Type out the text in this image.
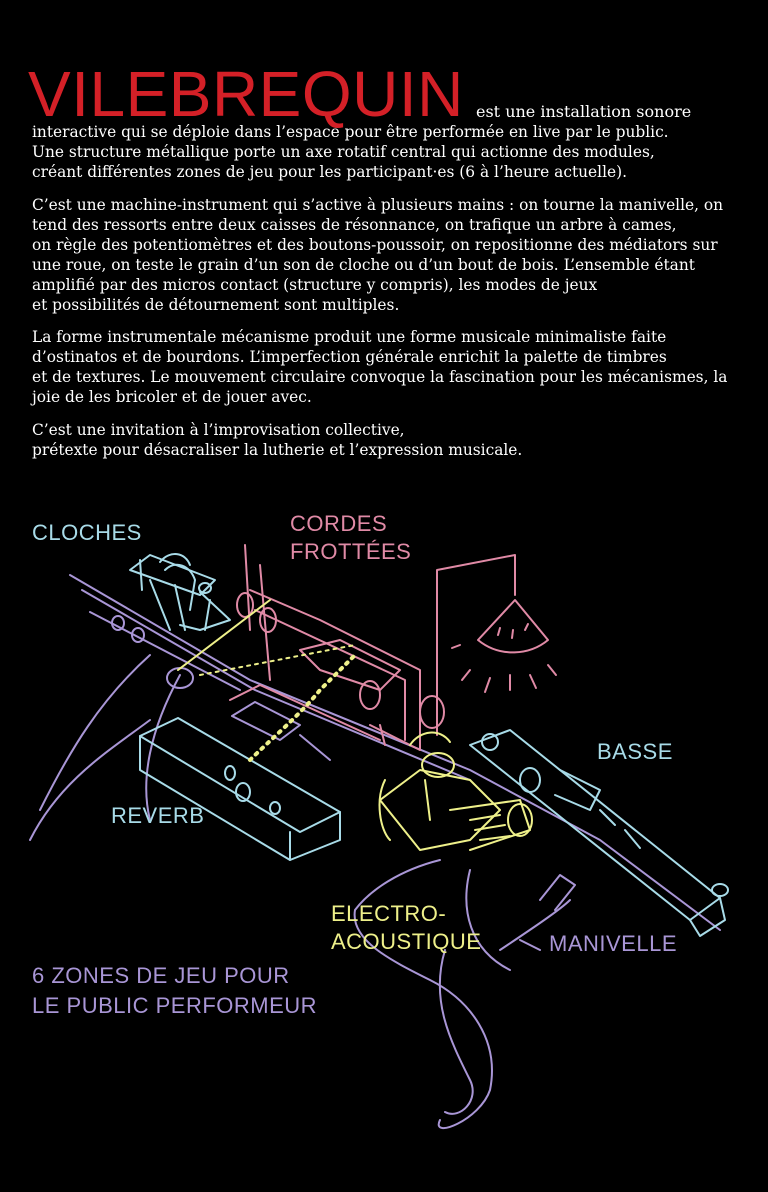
VILEBREQUIN est une installation sonore
interactive qui se déploie dans l’espace pour être performée en live par le public.
Une structure métallique porte un axe rotatif central qui actionne des modules,
créant différentes zones de jeu pour les participant·es (6 à l’heure actuelle).
C’est une machine-instrument qui s’active à plusieurs mains : on tourne la manivelle, on
tend des ressorts entre deux caisses de résonnance, on trafique un arbre à cames,
on règle des potentiomètres et des boutons-poussoir, on repositionne des médiators sur
une roue, on teste le grain d’un son de cloche ou d’un bout de bois. L’ensemble étant
amplifié par des micros contact (structure y compris), les modes de jeux
et possibilités de détournement sont multiples.
La forme instrumentale mécanisme produit une forme musicale minimaliste faite
d’ostinatos et de bourdons. L’imperfection générale enrichit la palette de timbres
et de textures. Le mouvement circulaire convoque la fascination pour les mécanismes, la
joie de les bricoler et de jouer avec.
C’est une invitation à l’improvisation collective,
prétexte pour désacraliser la lutherie et l’expression musicale.
CLOCHES	CORDES
FROTTÉES
BASSE
REVERB
ELECTRO-
ACOUSTIQUE	MANIVELLE
6 ZONES DE JEU POUR
LE PUBLIC PERFORMEUR
